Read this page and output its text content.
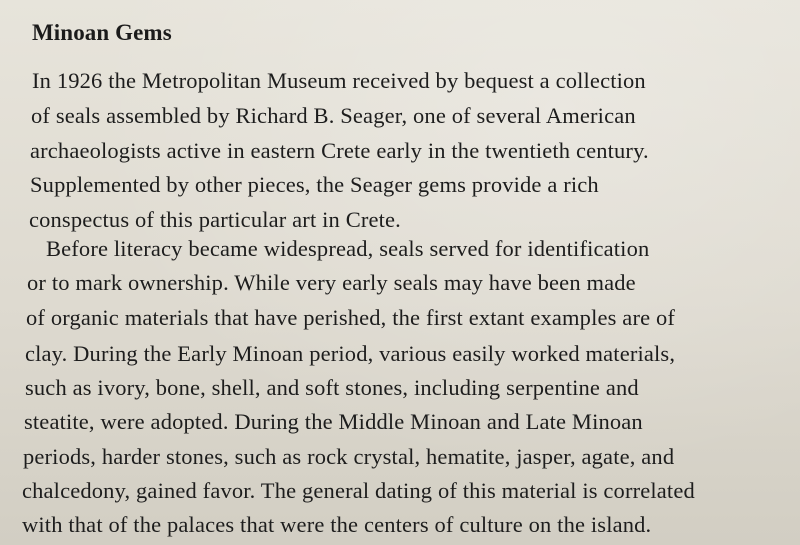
Minoan Gems
In 1926 the Metropolitan Museum received by bequest a collection
of seals assembled by Richard B. Seager, one of several American
archaeologists active in eastern Crete early in the twentieth century.
Supplemented by other pieces, the Seager gems provide a rich
conspectus of this particular art in Crete.
Before literacy became widespread, seals served for identification
or to mark ownership. While very early seals may have been made
of organic materials that have perished, the first extant examples are of
clay. During the Early Minoan period, various easily worked materials,
such as ivory, bone, shell, and soft stones, including serpentine and
steatite, were adopted. During the Middle Minoan and Late Minoan
periods, harder stones, such as rock crystal, hematite, jasper, agate, and
chalcedony, gained favor. The general dating of this material is correlated
with that of the palaces that were the centers of culture on the island.
